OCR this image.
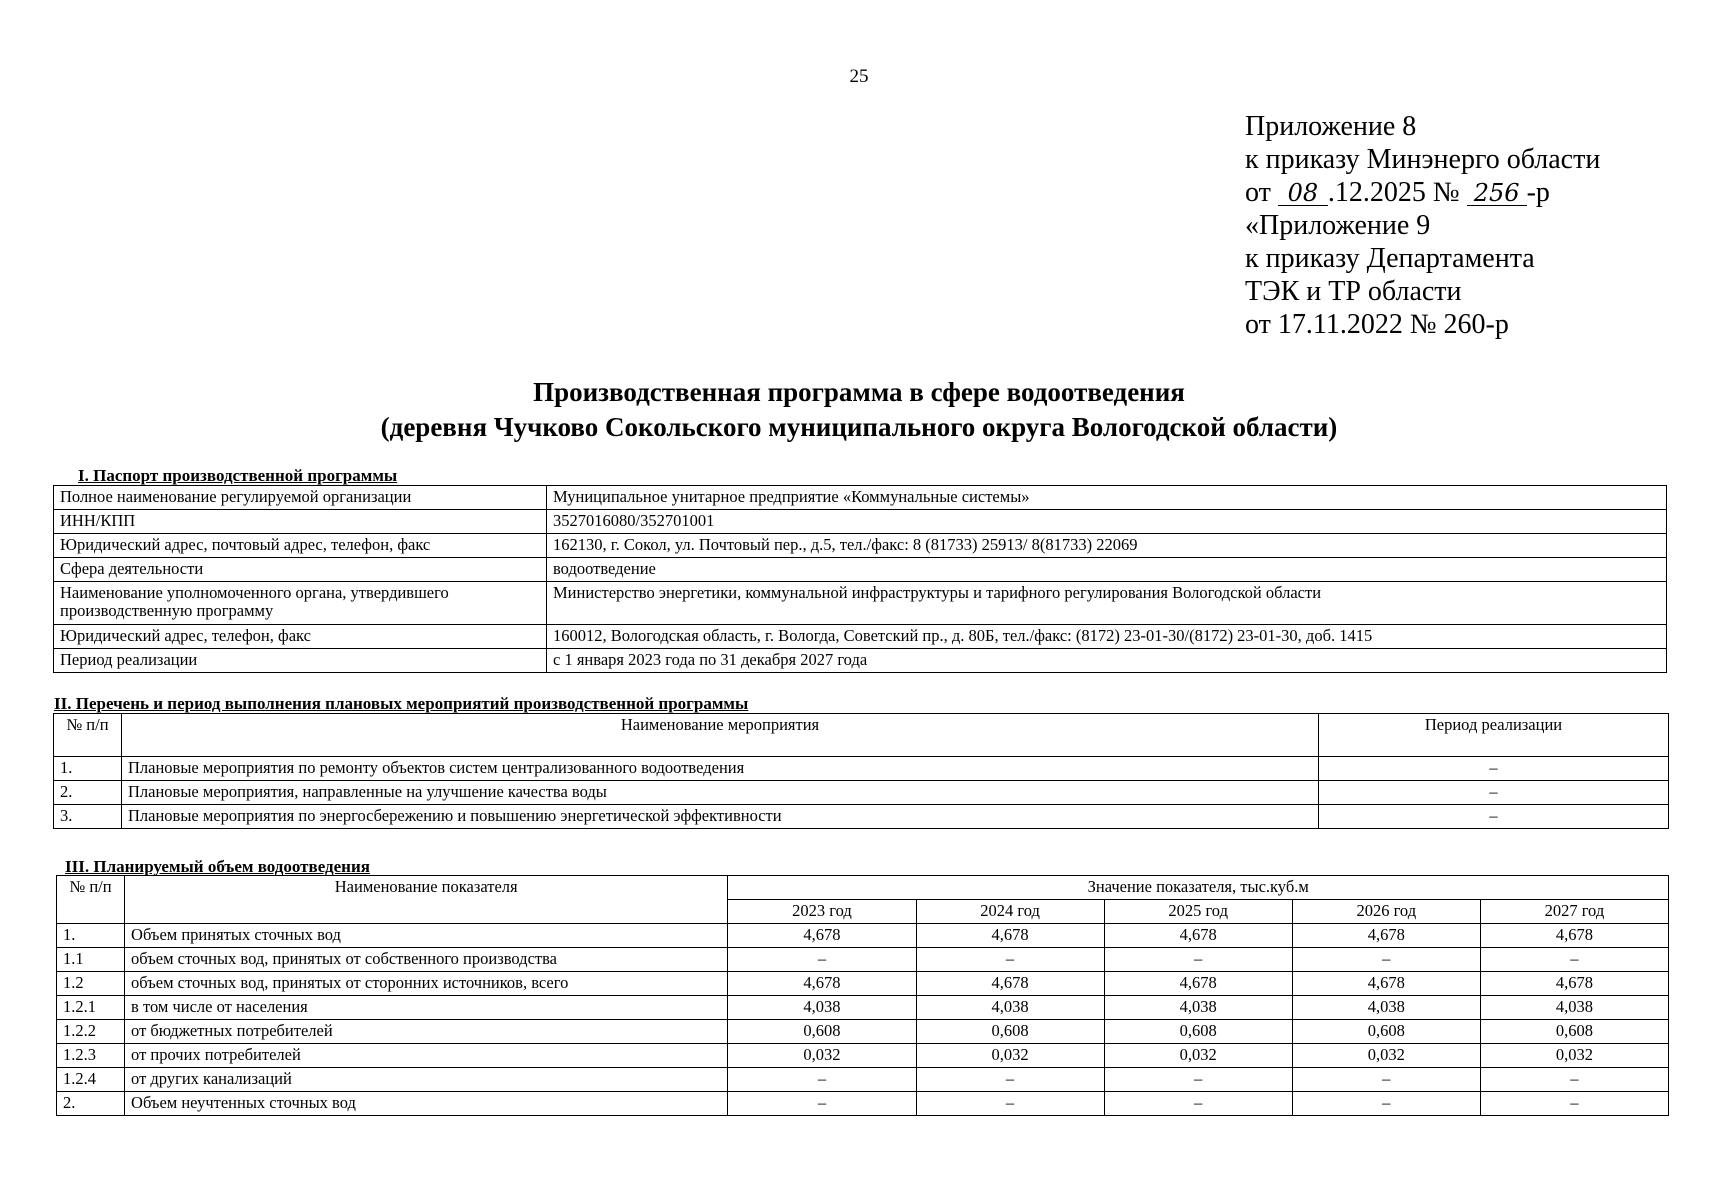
25
Приложение 8
к приказу Минэнерго области
от 08 .12.2025 № 256 -р
«Приложение 9
к приказу Департамента
ТЭК и ТР области
от 17.11.2022 № 260-р
Производственная программа в сфере водоотведения
(деревня Чучково Сокольского муниципального округа Вологодской области)
I. Паспорт производственной программы
Полное наименование регулируемой организации	Муниципальное унитарное предприятие «Коммунальные системы»
ИНН/КПП	3527016080/352701001
Юридический адрес, почтовый адрес, телефон, факс	162130, г. Сокол, ул. Почтовый пер., д.5, тел./факс: 8 (81733) 25913/ 8(81733) 22069
Сфера деятельности	водоотведение
Наименование уполномоченного органа, утвердившего производственную программу	Министерство энергетики, коммунальной инфраструктуры и тарифного регулирования Вологодской области
Юридический адрес, телефон, факс	160012, Вологодская область, г. Вологда, Советский пр., д. 80Б, тел./факс: (8172) 23-01-30/(8172) 23-01-30, доб. 1415
Период реализации	с 1 января 2023 года по 31 декабря 2027 года
II. Перечень и период выполнения плановых мероприятий производственной программы
№ п/п	Наименование мероприятия	Период реализации
1.	Плановые мероприятия по ремонту объектов систем централизованного водоотведения	–
2.	Плановые мероприятия, направленные на улучшение качества воды	–
3.	Плановые мероприятия по энергосбережению и повышению энергетической эффективности	–
III. Планируемый объем водоотведения
№ п/п	Наименование показателя	Значение показателя, тыс.куб.м				
		2023 год	2024 год	2025 год	2026 год	2027 год
1.	Объем принятых сточных вод	4,678	4,678	4,678	4,678	4,678
1.1	объем сточных вод, принятых от собственного производства	–	–	–	–	–
1.2	объем сточных вод, принятых от сторонних источников, всего	4,678	4,678	4,678	4,678	4,678
1.2.1	в том числе от населения	4,038	4,038	4,038	4,038	4,038
1.2.2	от бюджетных потребителей	0,608	0,608	0,608	0,608	0,608
1.2.3	от прочих потребителей	0,032	0,032	0,032	0,032	0,032
1.2.4	от других канализаций	–	–	–	–	–
2.	Объем неучтенных сточных вод	–	–	–	–	–
